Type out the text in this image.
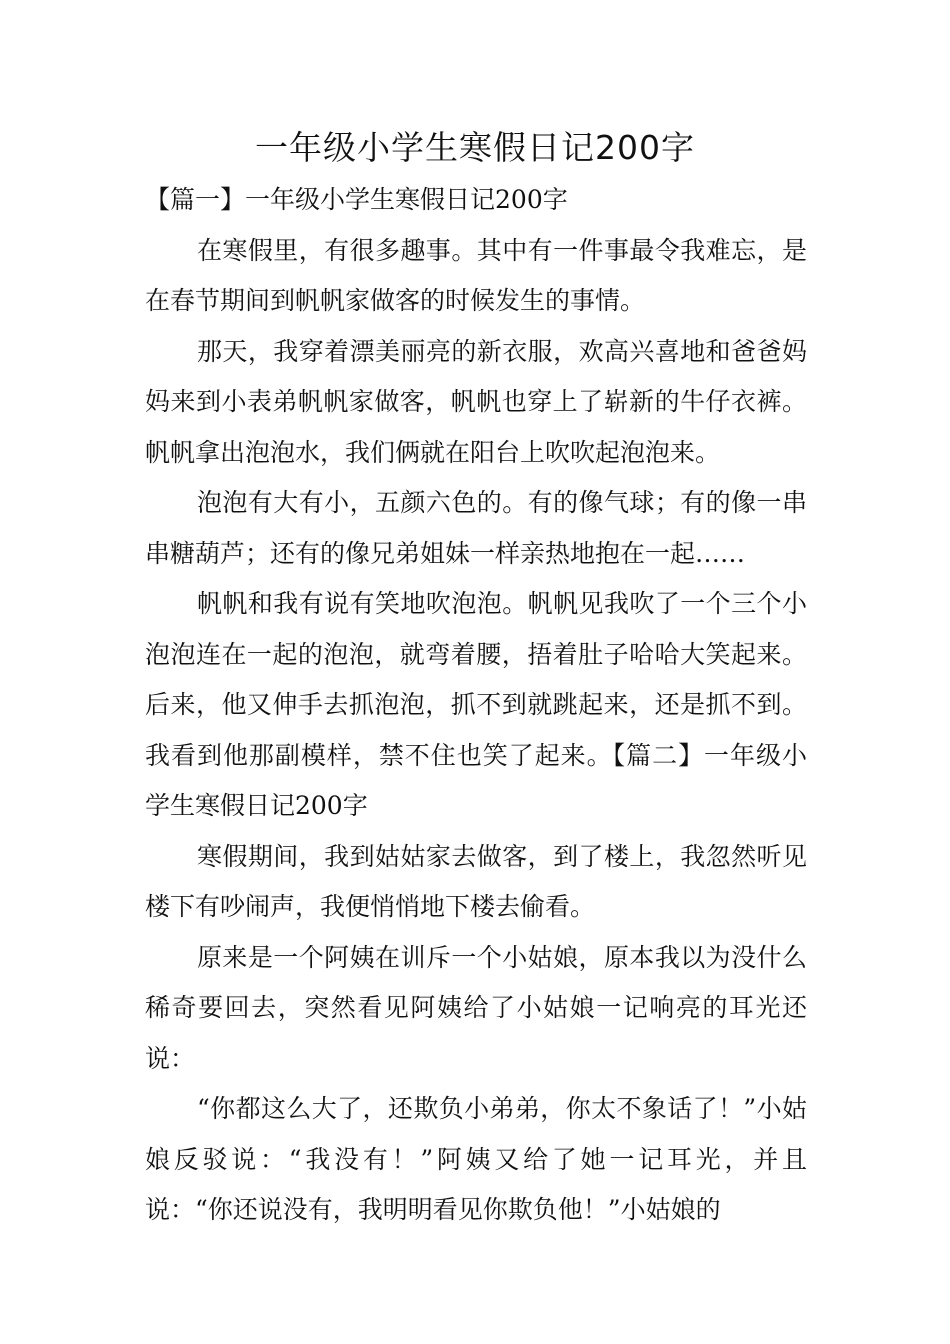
一年级小学生寒假日记200字

【篇一】一年级小学生寒假日记200字

在寒假里，有很多趣事。其中有一件事最令我难忘，是在春节期间到帆帆家做客的时候发生的事情。

那天，我穿着漂美丽亮的新衣服，欢高兴喜地和爸爸妈妈来到小表弟帆帆家做客，帆帆也穿上了崭新的牛仔衣裤。帆帆拿出泡泡水，我们俩就在阳台上吹吹起泡泡来。

泡泡有大有小，五颜六色的。有的像气球；有的像一串串糖葫芦；还有的像兄弟姐妹一样亲热地抱在一起……

帆帆和我有说有笑地吹泡泡。帆帆见我吹了一个三个小泡泡连在一起的泡泡，就弯着腰，捂着肚子哈哈大笑起来。后来，他又伸手去抓泡泡，抓不到就跳起来，还是抓不到。我看到他那副模样，禁不住也笑了起来。【篇二】一年级小学生寒假日记200字

寒假期间，我到姑姑家去做客，到了楼上，我忽然听见楼下有吵闹声，我便悄悄地下楼去偷看。

原来是一个阿姨在训斥一个小姑娘，原本我以为没什么稀奇要回去，突然看见阿姨给了小姑娘一记响亮的耳光还说：

“你都这么大了，还欺负小弟弟，你太不象话了！”小姑娘反驳说：“我没有！”阿姨又给了她一记耳光，并且说：“你还说没有，我明明看见你欺负他！”小姑娘的
